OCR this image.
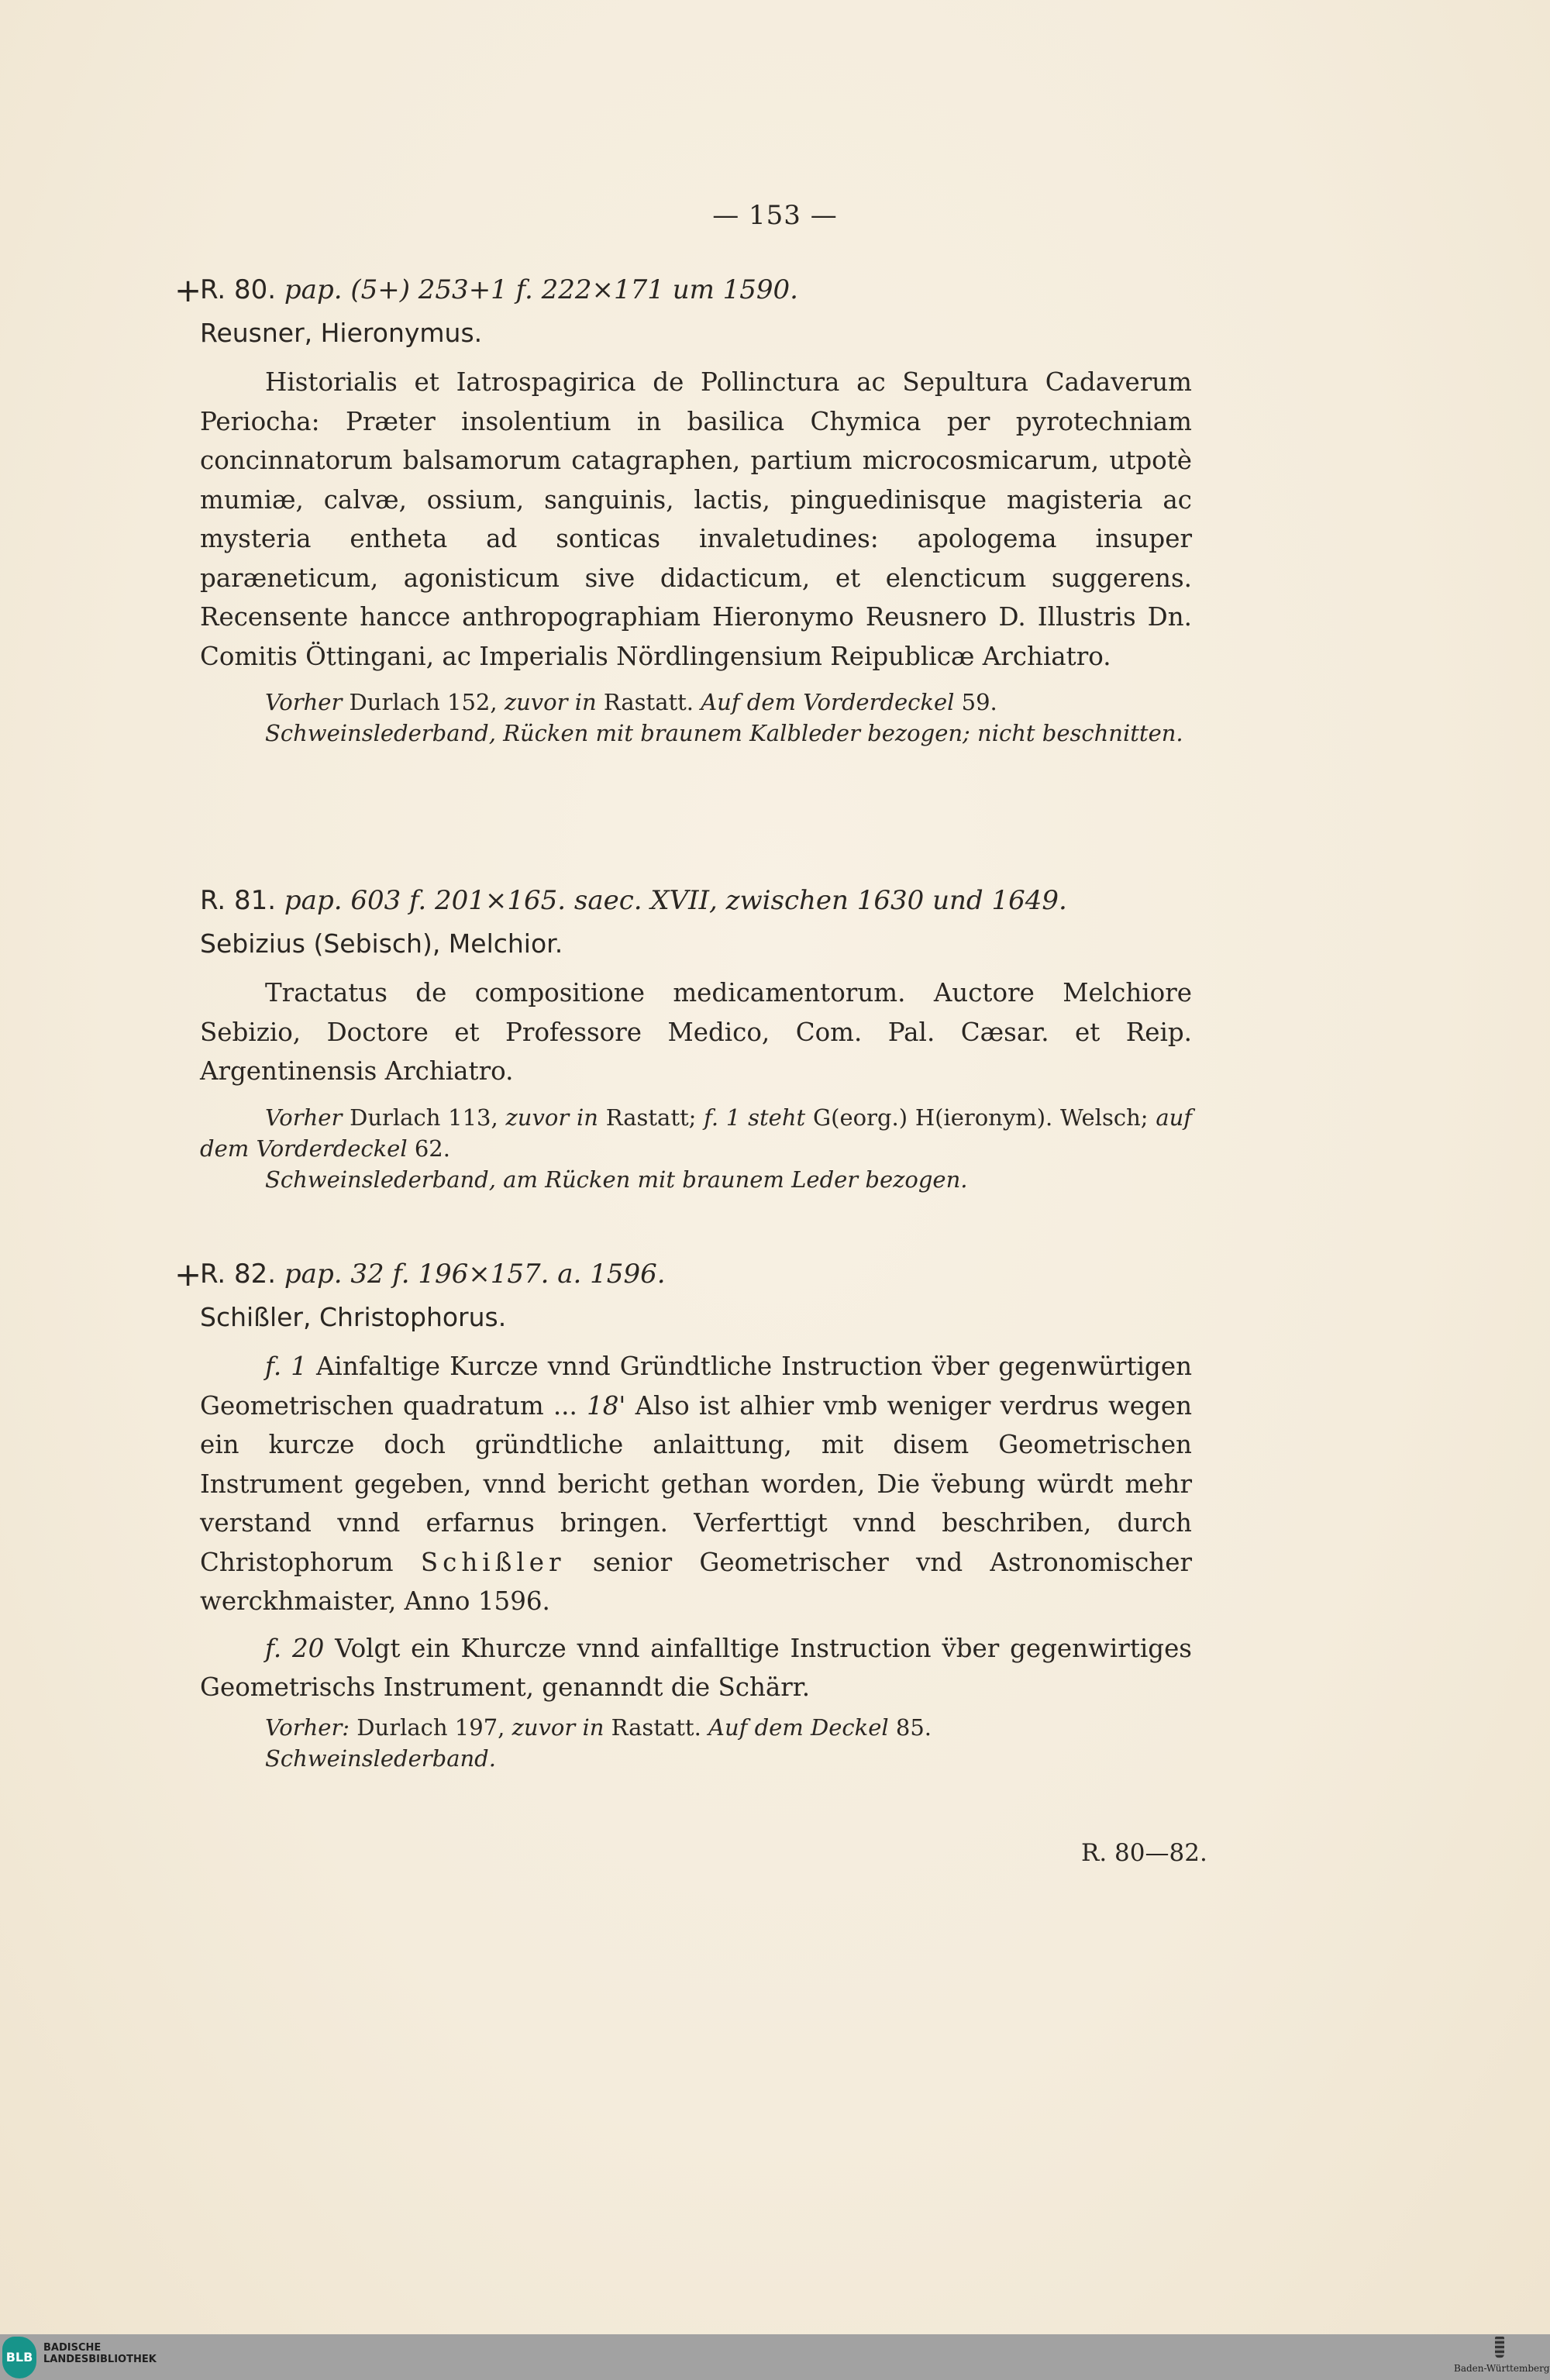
— 153 —
+
R. 80. pap. (5+) 253+1 f. 222×171 um 1590.
Reusner, Hieronymus.
Historialis et Iatrospagirica de Pollinctura ac Sepultura Cadaverum Periocha: Præter insolentium in basilica Chymica per pyrotechniam concinnatorum balsamorum catagraphen, partium microcosmicarum, utpotè mumiæ, calvæ, ossium, sanguinis, lactis, pinguedinisque magisteria ac mysteria entheta ad sonticas invaletudines: apologema insuper paræneticum, agonisticum sive didacticum, et elencticum suggerens. Recensente hancce anthropographiam Hieronymo Reusnero D. Illustris Dn. Comitis Öttingani, ac Imperialis Nördlingensium Reipublicæ Archiatro.
Vorher Durlach 152, zuvor in Rastatt. Auf dem Vorderdeckel 59.
Schweinslederband, Rücken mit braunem Kalbleder bezogen; nicht beschnitten.
R. 81. pap. 603 f. 201×165. saec. XVII, zwischen 1630 und 1649.
Sebizius (Sebisch), Melchior.
Tractatus de compositione medicamentorum. Auctore Melchiore Sebizio, Doctore et Professore Medico, Com. Pal. Cæsar. et Reip. Argentinensis Archiatro.
Vorher Durlach 113, zuvor in Rastatt; f. 1 steht G(eorg.) H(ieronym). Welsch; auf dem Vorderdeckel 62.
Schweinslederband, am Rücken mit braunem Leder bezogen.
+
R. 82. pap. 32 f. 196×157. a. 1596.
Schißler, Christophorus.
f. 1 Ainfaltige Kurcze vnnd Gründtliche Instruction v̈ber gegenwürtigen Geometrischen quadratum ... 18' Also ist alhier vmb weniger verdrus wegen ein kurcze doch gründtliche anlaittung, mit disem Geometrischen Instrument gegeben, vnnd bericht gethan worden, Die v̈ebung würdt mehr verstand vnnd erfarnus bringen. Verferttigt vnnd beschriben, durch Christophorum Schißler senior Geometrischer vnd Astronomischer werckhmaister, Anno 1596.
f. 20 Volgt ein Khurcze vnnd ainfalltige Instruction v̈ber gegenwirtiges Geometrischs Instrument, genanndt die Schärr.
Vorher: Durlach 197, zuvor in Rastatt. Auf dem Deckel 85.
Schweinslederband.
R. 80—82.
BLB
BADISCHE
LANDESBIBLIOTHEK
Baden-Württemberg
